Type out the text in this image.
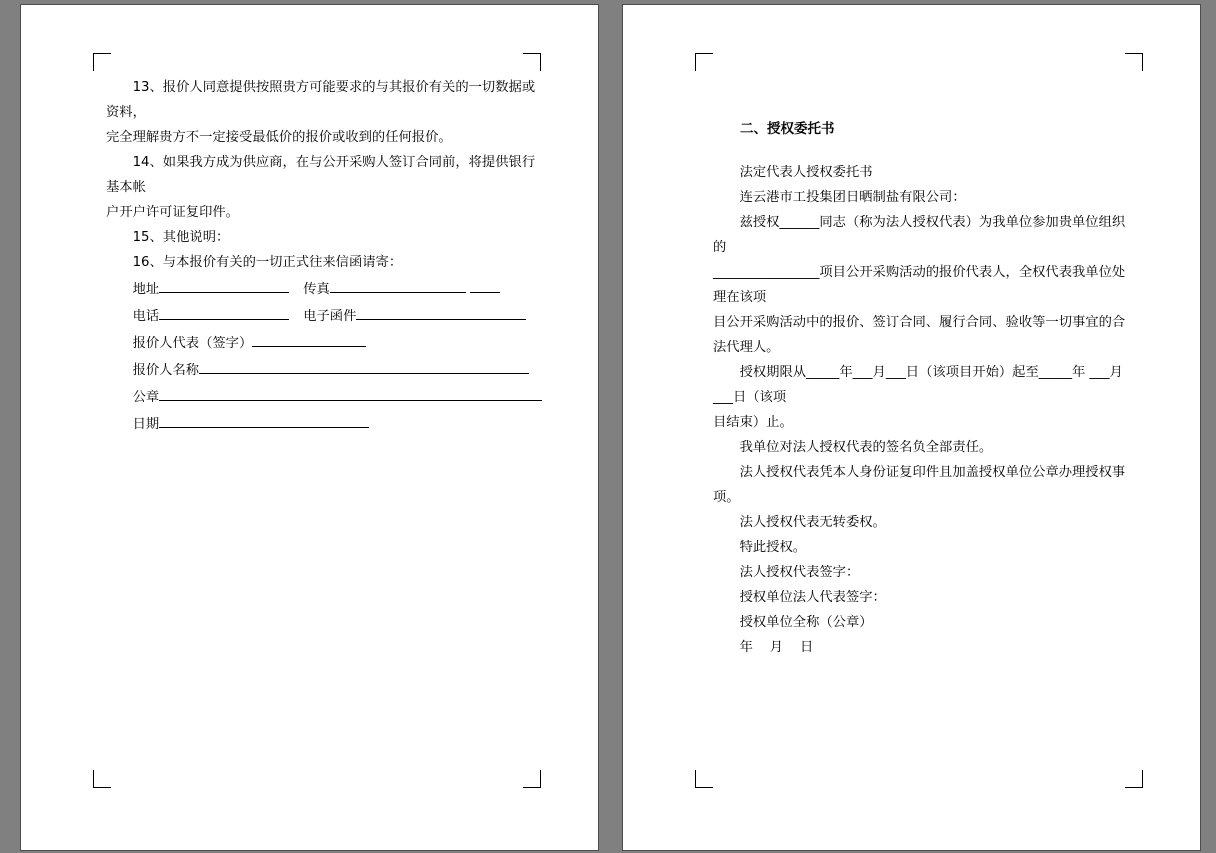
13、报价人同意提供按照贵方可能要求的与其报价有关的一切数据或资料，

完全理解贵方不一定接受最低价的报价或收到的任何报价。

14、如果我方成为供应商，在与公开采购人签订合同前，将提供银行基本帐

户开户许可证复印件。

15、其他说明：

16、与本报价有关的一切正式往来信函请寄：

地址	传真

电话	电子函件

报价人代表（签字）

报价人名称

公章

日期

二、授权委托书

法定代表人授权委托书

连云港市工投集团日晒制盐有限公司：

兹授权______同志（称为法人授权代表）为我单位参加贵单位组织的

________________项目公开采购活动的报价代表人，全权代表我单位处理在该项

目公开采购活动中的报价、签订合同、履行合同、验收等一切事宜的合法代理人。

授权期限从_____年___月___日（该项目开始）起至_____年 ___月___日（该项

目结束）止。

我单位对法人授权代表的签名负全部责任。

法人授权代表凭本人身份证复印件且加盖授权单位公章办理授权事项。

法人授权代表无转委权。

特此授权。

法人授权代表签字：

授权单位法人代表签字：

授权单位全称（公章）

年    月    日
